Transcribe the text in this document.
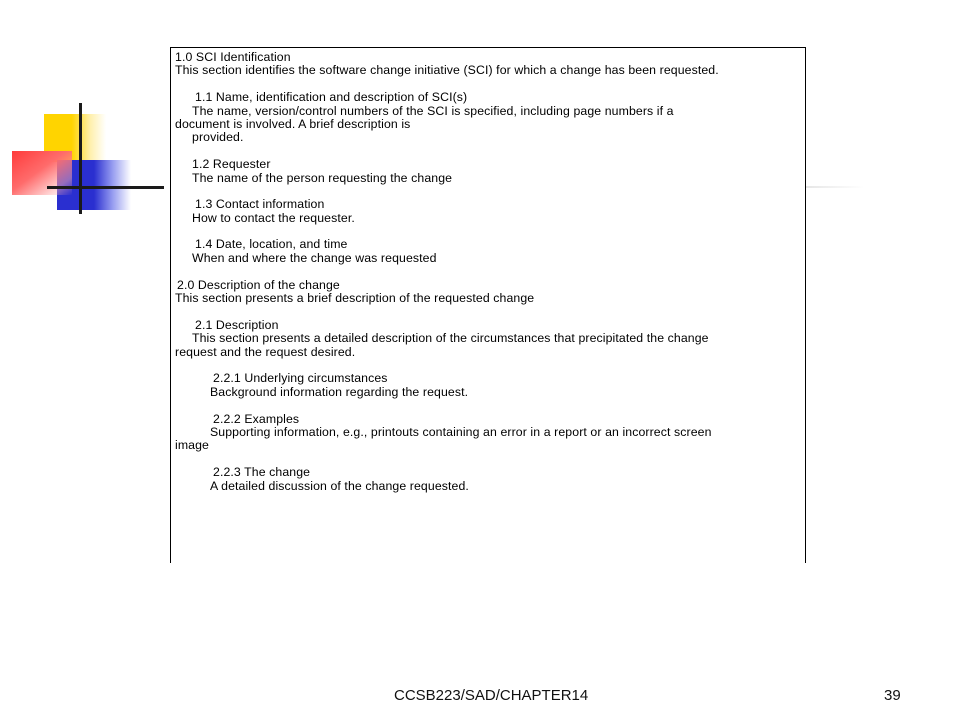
1.0 SCI Identification
This section identifies the software change initiative (SCI) for which a change has been requested.
1.1 Name, identification and description of SCI(s)
The name, version/control numbers of the SCI is specified, including page numbers if a
document is involved. A brief description is
provided.
1.2 Requester
The name of the person requesting the change
1.3 Contact information
How to contact the requester.
1.4 Date, location, and time
When and where the change was requested
2.0 Description of the change
This section presents a brief description of the requested change
2.1 Description
This section presents a detailed description of the circumstances that precipitated the change
request and the request desired.
2.2.1 Underlying circumstances
Background information regarding the request.
2.2.2 Examples
Supporting information, e.g., printouts containing an error in a report or an incorrect screen
image
2.2.3 The change
A detailed discussion of the change requested.
CCSB223/SAD/CHAPTER14	39
